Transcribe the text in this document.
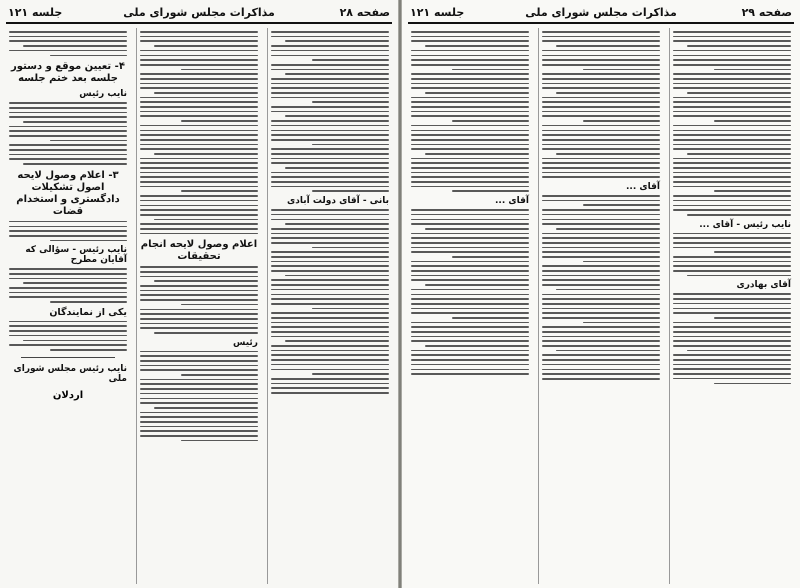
صفحه ۲۸
مذاکرات مجلس شورای ملی
جلسه ۱۲۱
بانی - آقای دولت آبادی
اعلام وصول لایحه انجام تحقیقات
رئیس
۴- تعیین موقع و دستور جلسه بعد ختم جلسه
نایب رئیس
۳- اعلام وصول لایحه اصول تشکیلات دادگستری و استخدام قضات
نایب رئیس - سؤالی که آقایان مطرح
یکی از نمایندگان
نایب رئیس مجلس شورای ملی
اردلان
صفحه ۲۹
مذاکرات مجلس شورای ملی
جلسه ۱۲۱
نایب رئیس - آقای ...
آقای بهادری
آقای ...
آقای ...
